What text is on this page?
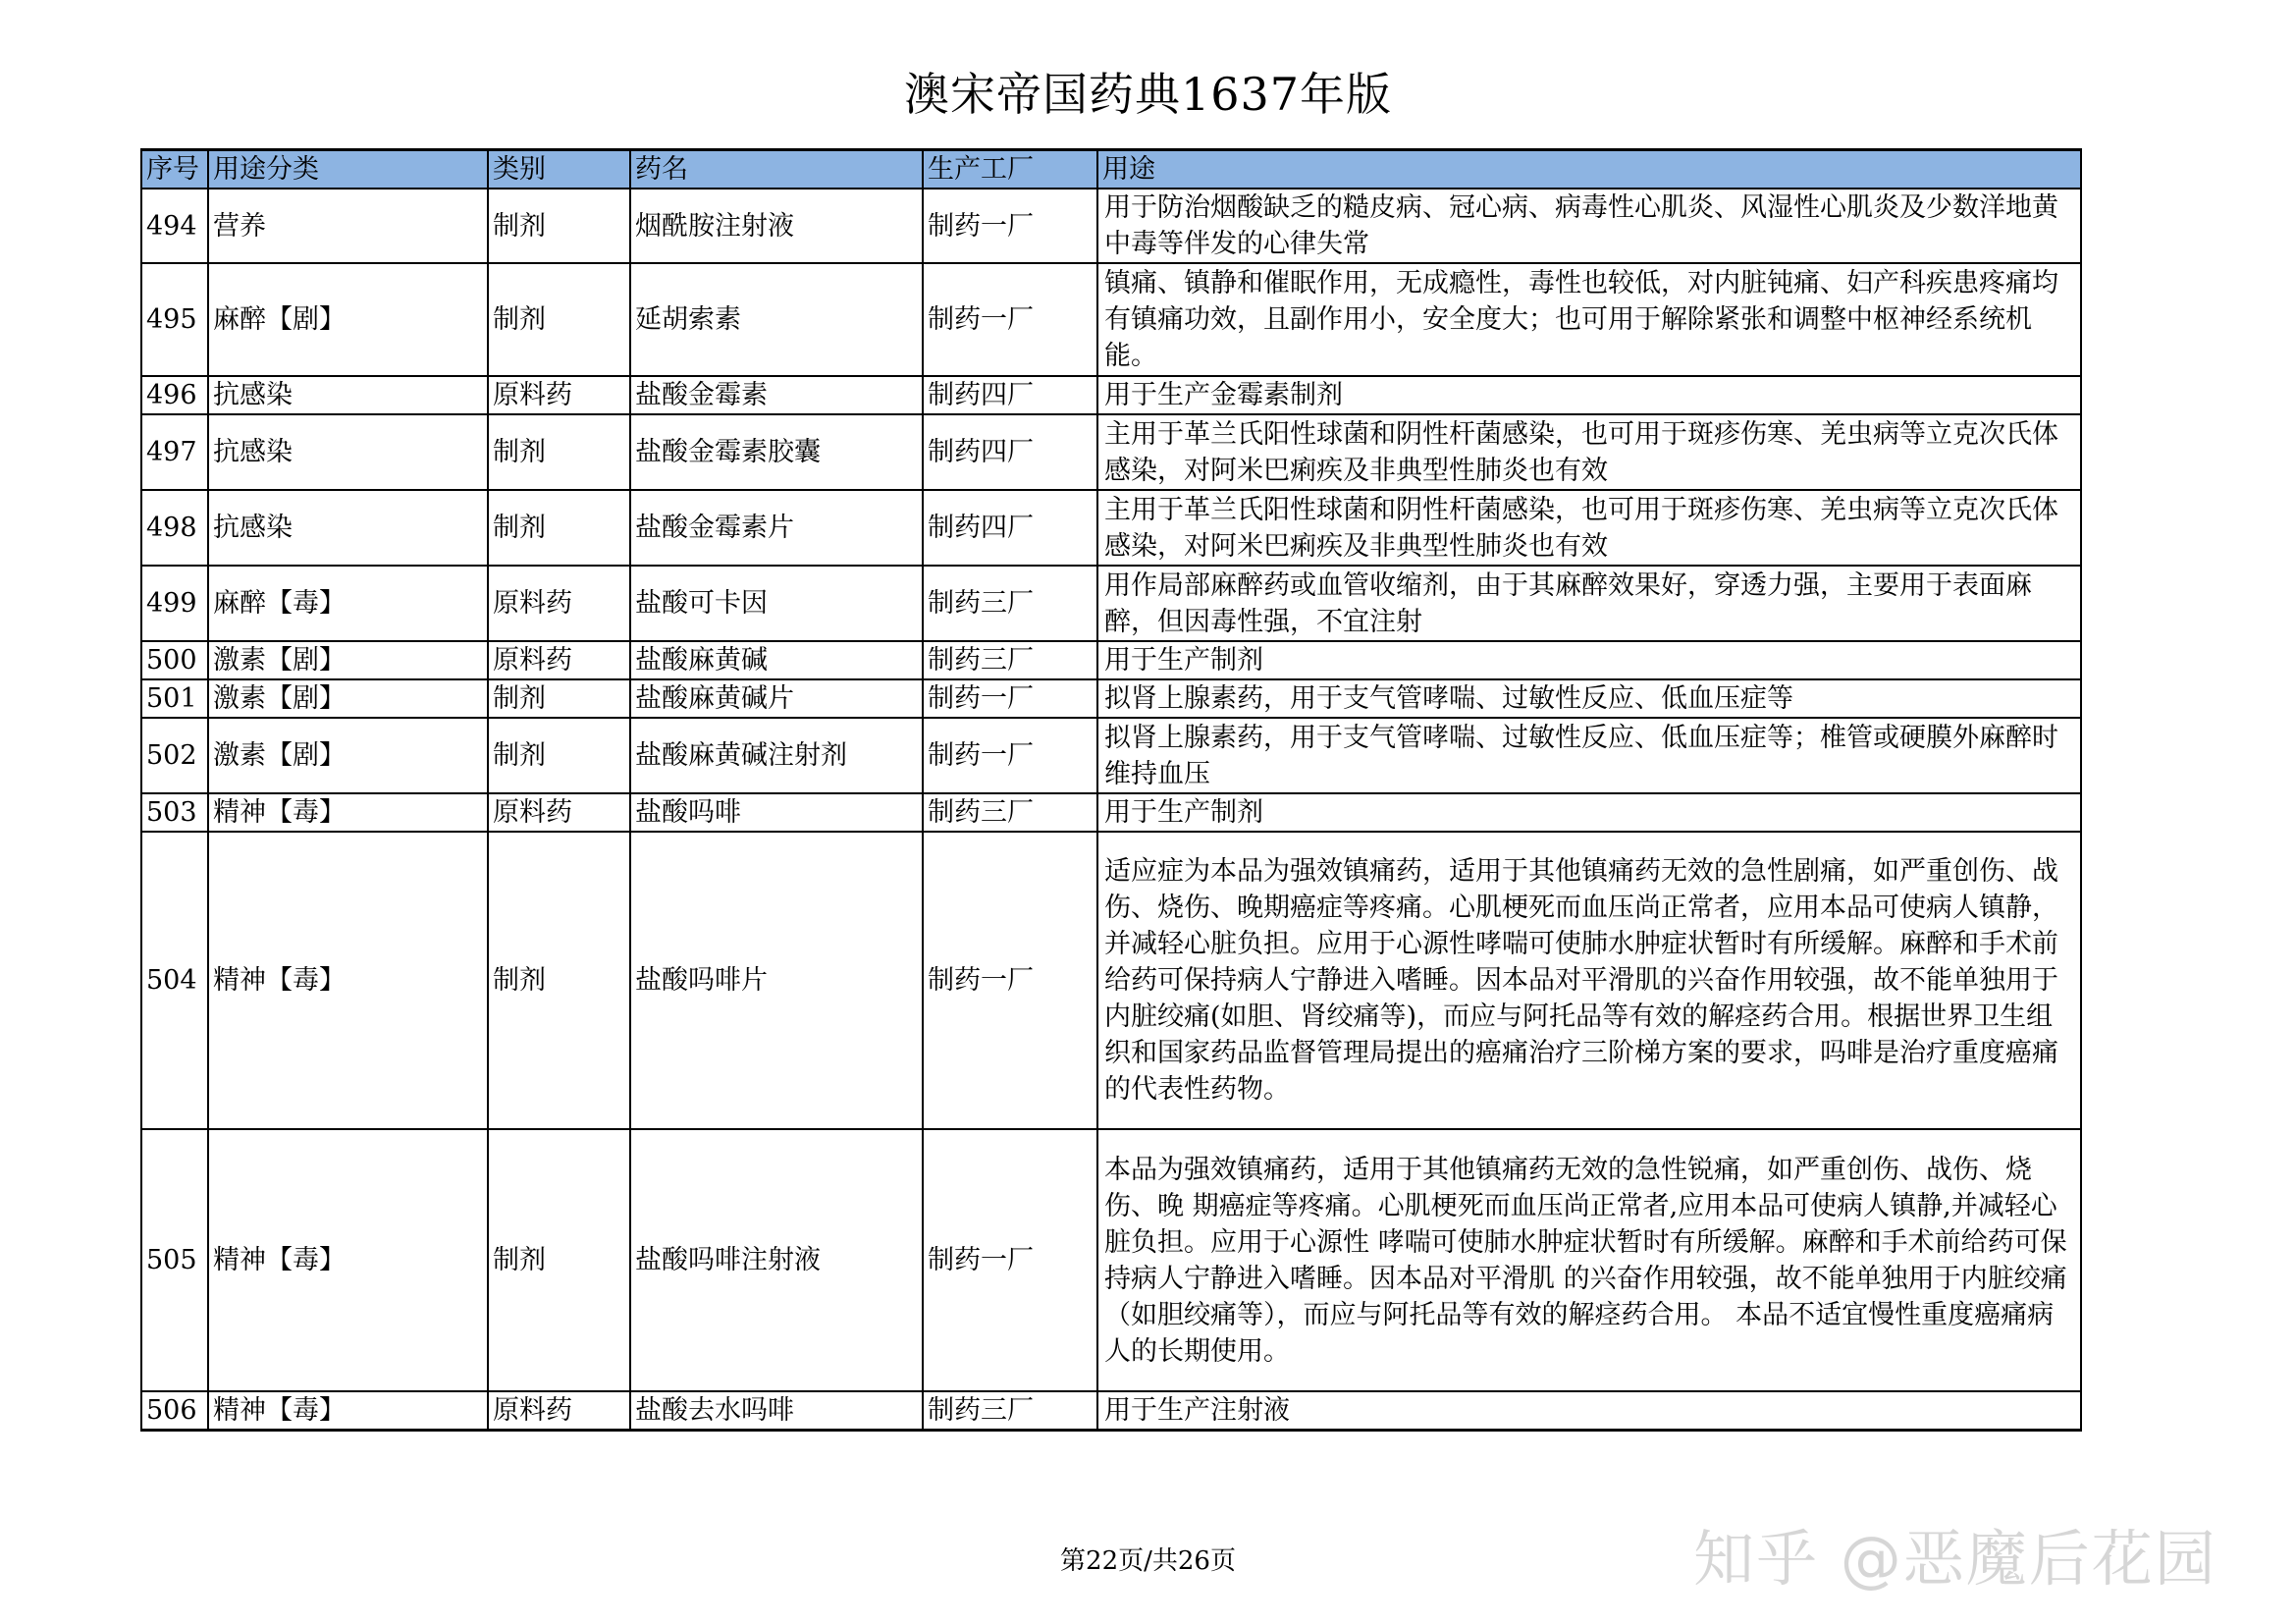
澳宋帝国药典1637年版
序号	用途分类	类别	药名	生产工厂	用途
494	营养	制剂	烟酰胺注射液	制药一厂	用于防治烟酸缺乏的糙皮病、冠心病、病毒性心肌炎、风湿性心肌炎及少数洋地黄中毒等伴发的心律失常
495	麻醉【剧】	制剂	延胡索素	制药一厂	镇痛、镇静和催眠作用，无成瘾性，毒性也较低，对内脏钝痛、妇产科疾患疼痛均有镇痛功效，且副作用小，安全度大；也可用于解除紧张和调整中枢神经系统机能。
496	抗感染	原料药	盐酸金霉素	制药四厂	用于生产金霉素制剂
497	抗感染	制剂	盐酸金霉素胶囊	制药四厂	主用于革兰氏阳性球菌和阴性杆菌感染，也可用于斑疹伤寒、羌虫病等立克次氏体感染，对阿米巴痢疾及非典型性肺炎也有效
498	抗感染	制剂	盐酸金霉素片	制药四厂	主用于革兰氏阳性球菌和阴性杆菌感染，也可用于斑疹伤寒、羌虫病等立克次氏体感染，对阿米巴痢疾及非典型性肺炎也有效
499	麻醉【毒】	原料药	盐酸可卡因	制药三厂	用作局部麻醉药或血管收缩剂，由于其麻醉效果好，穿透力强，主要用于表面麻醉，但因毒性强，不宜注射
500	激素【剧】	原料药	盐酸麻黄碱	制药三厂	用于生产制剂
501	激素【剧】	制剂	盐酸麻黄碱片	制药一厂	拟肾上腺素药，用于支气管哮喘、过敏性反应、低血压症等
502	激素【剧】	制剂	盐酸麻黄碱注射剂	制药一厂	拟肾上腺素药，用于支气管哮喘、过敏性反应、低血压症等；椎管或硬膜外麻醉时维持血压
503	精神【毒】	原料药	盐酸吗啡	制药三厂	用于生产制剂
504	精神【毒】	制剂	盐酸吗啡片	制药一厂	适应症为本品为强效镇痛药，适用于其他镇痛药无效的急性剧痛，如严重创伤、战伤、烧伤、晚期癌症等疼痛。心肌梗死而血压尚正常者，应用本品可使病人镇静，并减轻心脏负担。应用于心源性哮喘可使肺水肿症状暂时有所缓解。麻醉和手术前给药可保持病人宁静进入嗜睡。因本品对平滑肌的兴奋作用较强，故不能单独用于内脏绞痛(如胆、肾绞痛等)，而应与阿托品等有效的解痉药合用。根据世界卫生组织和国家药品监督管理局提出的癌痛治疗三阶梯方案的要求，吗啡是治疗重度癌痛的代表性药物。
505	精神【毒】	制剂	盐酸吗啡注射液	制药一厂	本品为强效镇痛药，适用于其他镇痛药无效的急性锐痛，如严重创伤、战伤、烧伤、晚 期癌症等疼痛。心肌梗死而血压尚正常者,应用本品可使病人镇静,并减轻心脏负担。应用于心源性 哮喘可使肺水肿症状暂时有所缓解。麻醉和手术前给药可保持病人宁静进入嗜睡。因本品对平滑肌 的兴奋作用较强，故不能单独用于内脏绞痛（如胆绞痛等），而应与阿托品等有效的解痉药合用。 本品不适宜慢性重度癌痛病人的长期使用。
506	精神【毒】	原料药	盐酸去水吗啡	制药三厂	用于生产注射液
第22页/共26页	知乎 @恶魔后花园
